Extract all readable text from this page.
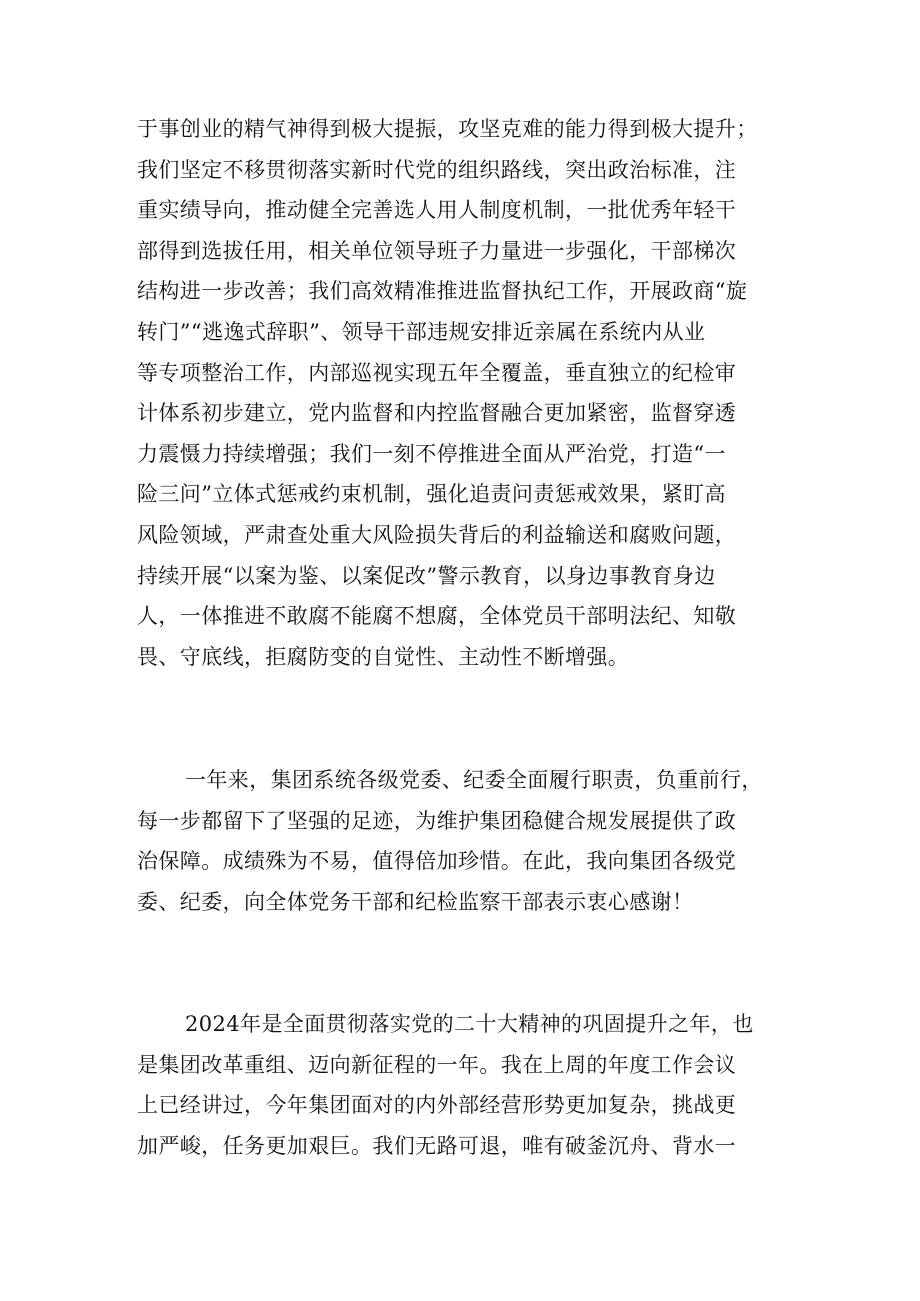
于事创业的精气神得到极大提振，攻坚克难的能力得到极大提升；
我们坚定不移贯彻落实新时代党的组织路线，突出政治标准，注
重实绩导向，推动健全完善选人用人制度机制，一批优秀年轻干
部得到选拔任用，相关单位领导班子力量进一步强化，干部梯次
结构进一步改善；我们高效精准推进监督执纪工作，开展政商“旋
转门”“逃逸式辞职”、领导干部违规安排近亲属在系统内从业
等专项整治工作，内部巡视实现五年全覆盖，垂直独立的纪检审
计体系初步建立，党内监督和内控监督融合更加紧密，监督穿透
力震慑力持续增强；我们一刻不停推进全面从严治党，打造“一
险三问”立体式惩戒约束机制，强化追责问责惩戒效果，紧盯高
风险领域，严肃查处重大风险损失背后的利益输送和腐败问题，
持续开展“以案为鉴、以案促改”警示教育，以身边事教育身边
人，一体推进不敢腐不能腐不想腐，全体党员干部明法纪、知敬
畏、守底线，拒腐防变的自觉性、主动性不断增强。
一年来，集团系统各级党委、纪委全面履行职责，负重前行，
每一步都留下了坚强的足迹，为维护集团稳健合规发展提供了政
治保障。成绩殊为不易，值得倍加珍惜。在此，我向集团各级党
委、纪委，向全体党务干部和纪检监察干部表示衷心感谢！
2024年是全面贯彻落实党的二十大精神的巩固提升之年，也
是集团改革重组、迈向新征程的一年。我在上周的年度工作会议
上已经讲过，今年集团面对的内外部经营形势更加复杂，挑战更
加严峻，任务更加艰巨。我们无路可退，唯有破釜沉舟、背水一
